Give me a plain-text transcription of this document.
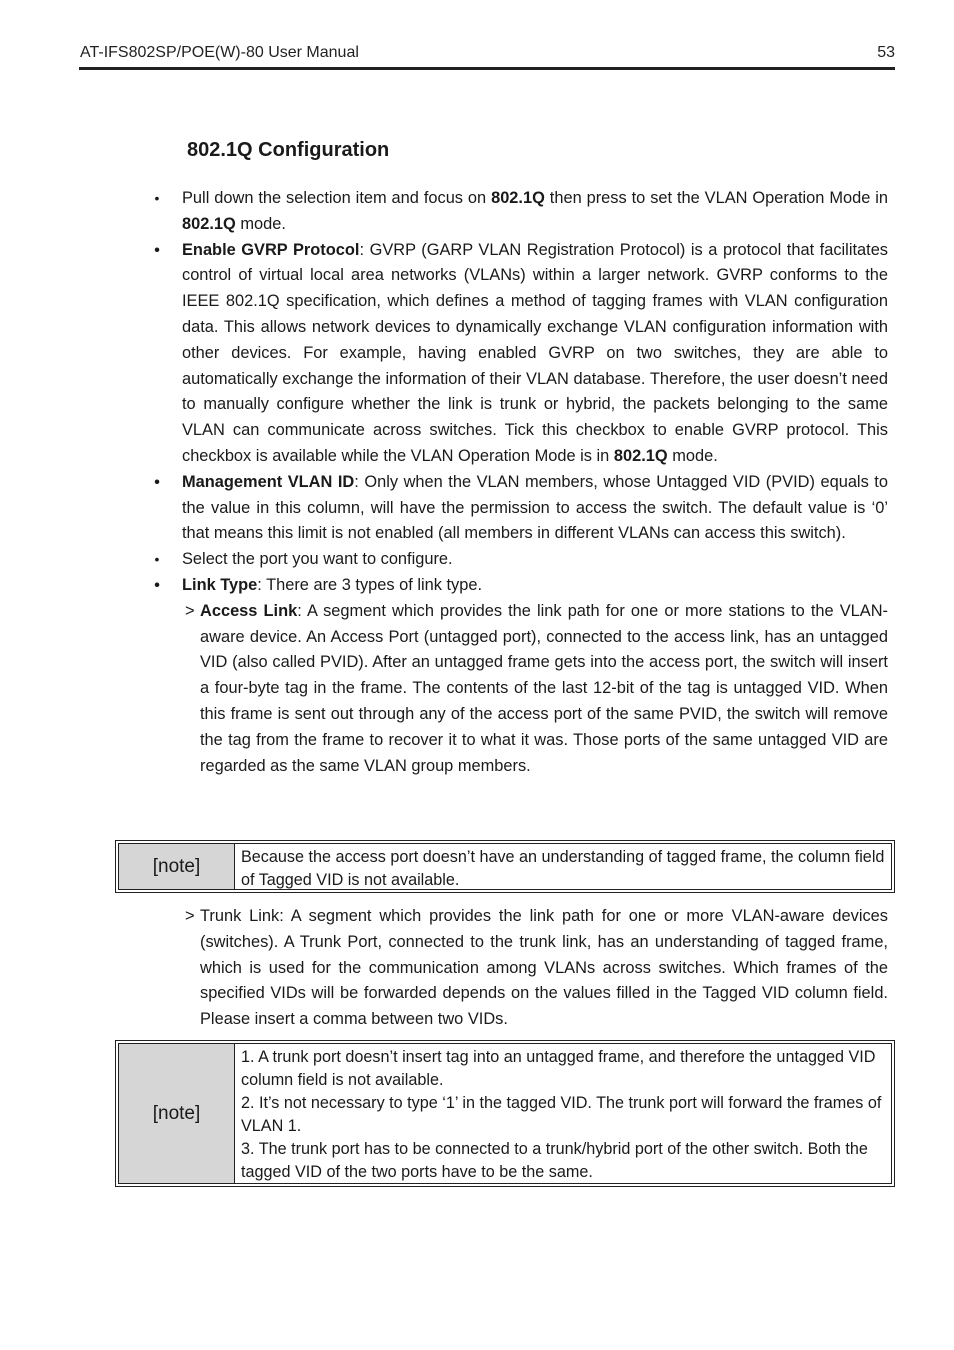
AT-IFS802SP/POE(W)-80 User Manual	53
802.1Q Configuration
• Pull down the selection item and focus on 802.1Q then press to set the VLAN Operation Mode in 802.1Q mode.
• Enable GVRP Protocol: GVRP (GARP VLAN Registration Protocol) is a protocol that facilitates control of virtual local area networks (VLANs) within a larger network. GVRP conforms to the IEEE 802.1Q specification, which defines a method of tagging frames with VLAN configuration data. This allows network devices to dynamically exchange VLAN configuration information with other devices. For example, having enabled GVRP on two switches, they are able to automatically exchange the information of their VLAN database. Therefore, the user doesn’t need to manually configure whether the link is trunk or hybrid, the packets belonging to the same VLAN can communicate across switches. Tick this checkbox to enable GVRP protocol. This checkbox is available while the VLAN Operation Mode is in 802.1Q mode.
• Management VLAN ID: Only when the VLAN members, whose Untagged VID (PVID) equals to the value in this column, will have the permission to access the switch. The default value is ‘0’ that means this limit is not enabled (all members in different VLANs can access this switch).
• Select the port you want to configure.
• Link Type: There are 3 types of link type.
> Access Link: A segment which provides the link path for one or more stations to the VLAN-aware device. An Access Port (untagged port), connected to the access link, has an untagged VID (also called PVID). After an untagged frame gets into the access port, the switch will insert a four-byte tag in the frame. The contents of the last 12-bit of the tag is untagged VID. When this frame is sent out through any of the access port of the same PVID, the switch will remove the tag from the frame to recover it to what it was. Those ports of the same untagged VID are regarded as the same VLAN group members.
[note]	Because the access port doesn’t have an understanding of tagged frame, the column field of Tagged VID is not available.
> Trunk Link: A segment which provides the link path for one or more VLAN-aware devices (switches). A Trunk Port, connected to the trunk link, has an understanding of tagged frame, which is used for the communication among VLANs across switches. Which frames of the specified VIDs will be forwarded depends on the values filled in the Tagged VID column field. Please insert a comma between two VIDs.
[note]
1. A trunk port doesn’t insert tag into an untagged frame, and therefore the untagged VID column field is not available.
2. It’s not necessary to type ‘1’ in the tagged VID. The trunk port will forward the frames of VLAN 1.
3. The trunk port has to be connected to a trunk/hybrid port of the other switch. Both the tagged VID of the two ports have to be the same.
